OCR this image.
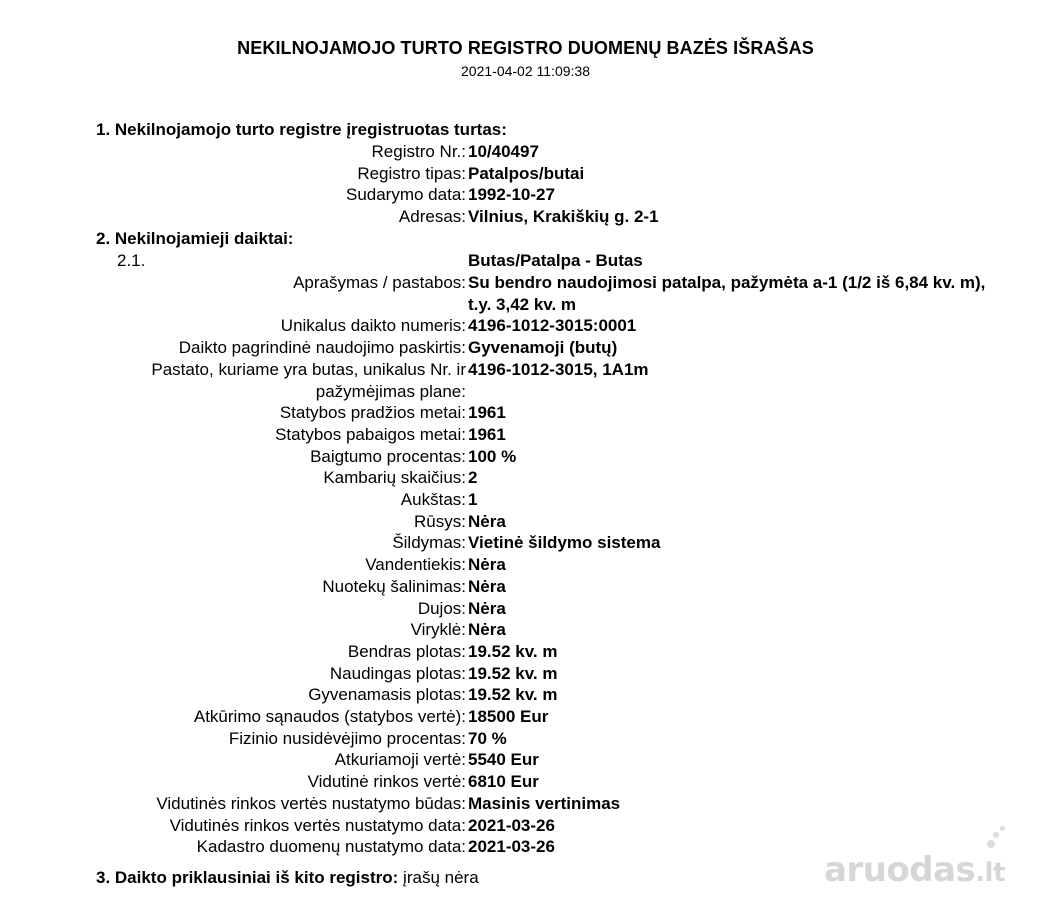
NEKILNOJAMOJO TURTO REGISTRO DUOMENŲ BAZĖS IŠRAŠAS
2021-04-02 11:09:38
1. Nekilnojamojo turto registre įregistruotas turtas:
Registro Nr.: 10/40497
Registro tipas: Patalpos/butai
Sudarymo data: 1992-10-27
Adresas: Vilnius, Krakiškių g. 2-1
2. Nekilnojamieji daiktai:
2.1.	Butas/Patalpa - Butas
Aprašymas / pastabos: Su bendro naudojimosi patalpa, pažymėta a-1 (1/2 iš 6,84 kv. m), t.y. 3,42 kv. m
Unikalus daikto numeris: 4196-1012-3015:0001
Daikto pagrindinė naudojimo paskirtis: Gyvenamoji (butų)
Pastato, kuriame yra butas, unikalus Nr. ir
pažymėjimas plane:
4196-1012-3015, 1A1m
Statybos pradžios metai: 1961
Statybos pabaigos metai: 1961
Baigtumo procentas: 100 %
Kambarių skaičius: 2
Aukštas: 1
Rūsys: Nėra
Šildymas: Vietinė šildymo sistema
Vandentiekis: Nėra
Nuotekų šalinimas: Nėra
Dujos: Nėra
Viryklė: Nėra
Bendras plotas: 19.52 kv. m
Naudingas plotas: 19.52 kv. m
Gyvenamasis plotas: 19.52 kv. m
Atkūrimo sąnaudos (statybos vertė): 18500 Eur
Fizinio nusidėvėjimo procentas: 70 %
Atkuriamoji vertė: 5540 Eur
Vidutinė rinkos vertė: 6810 Eur
Vidutinės rinkos vertės nustatymo būdas: Masinis vertinimas
Vidutinės rinkos vertės nustatymo data: 2021-03-26
Kadastro duomenų nustatymo data: 2021-03-26
3. Daikto priklausiniai iš kito registro: įrašų nėra	aruodas.lt
